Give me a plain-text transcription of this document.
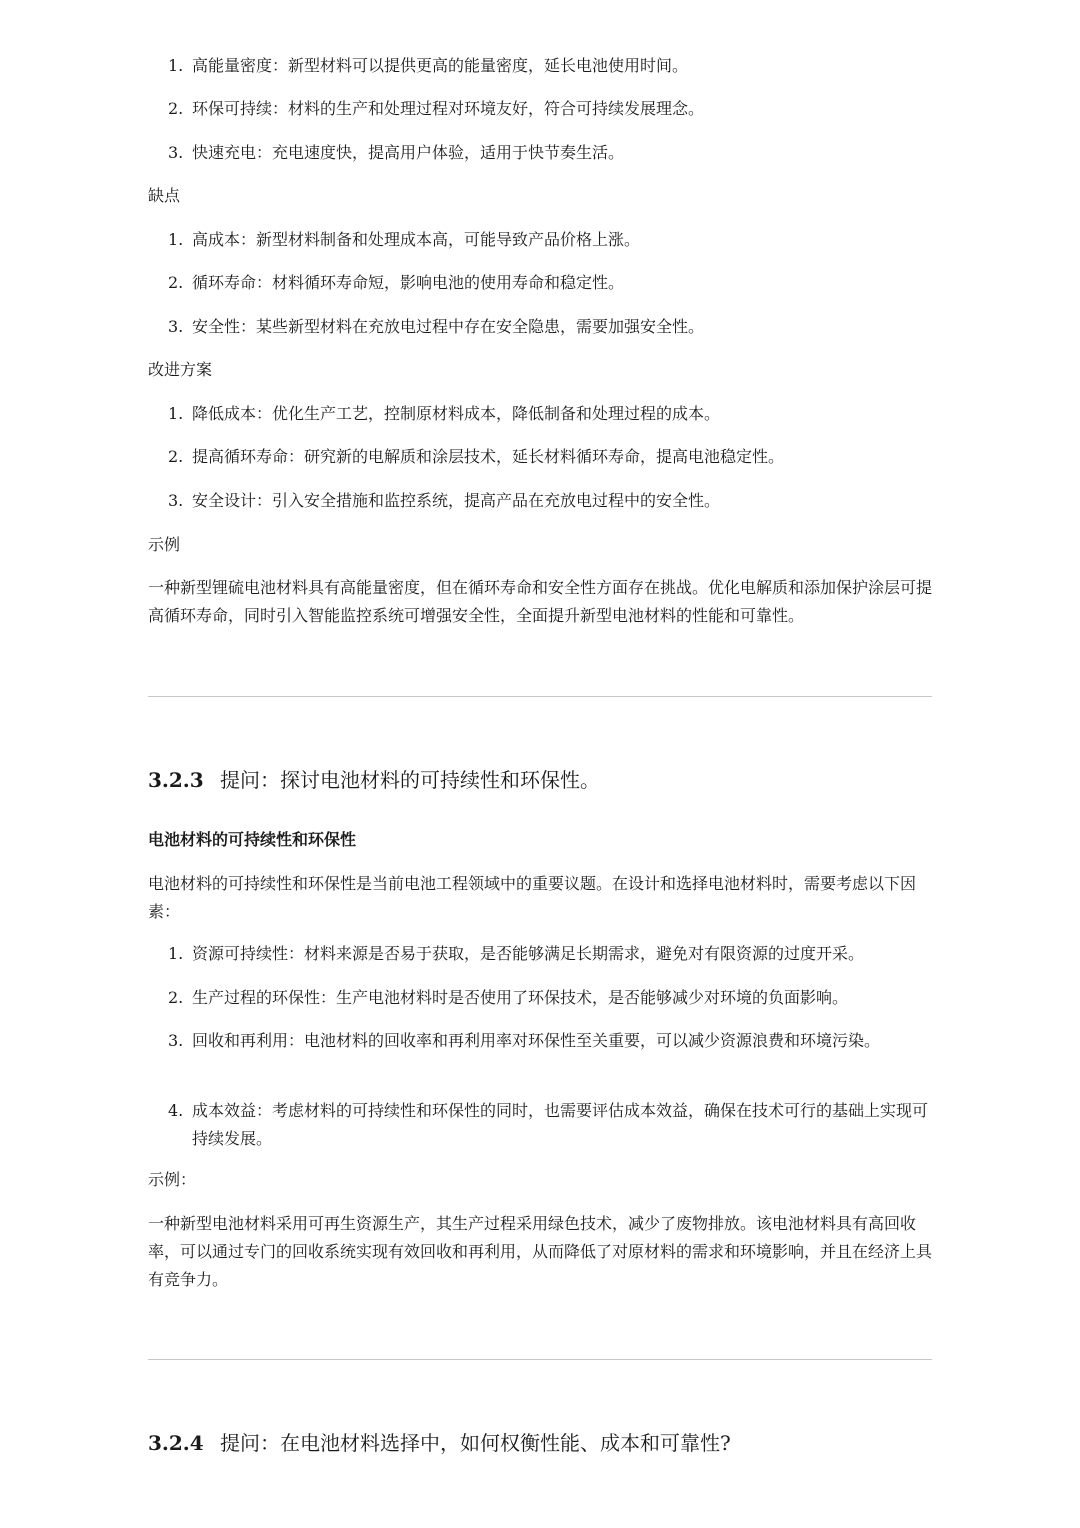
1. 高能量密度：新型材料可以提供更高的能量密度，延长电池使用时间。
2. 环保可持续：材料的生产和处理过程对环境友好，符合可持续发展理念。
3. 快速充电：充电速度快，提高用户体验，适用于快节奏生活。
缺点
1. 高成本：新型材料制备和处理成本高，可能导致产品价格上涨。
2. 循环寿命：材料循环寿命短，影响电池的使用寿命和稳定性。
3. 安全性：某些新型材料在充放电过程中存在安全隐患，需要加强安全性。
改进方案
1. 降低成本：优化生产工艺，控制原材料成本，降低制备和处理过程的成本。
2. 提高循环寿命：研究新的电解质和涂层技术，延长材料循环寿命，提高电池稳定性。
3. 安全设计：引入安全措施和监控系统，提高产品在充放电过程中的安全性。
示例
一种新型锂硫电池材料具有高能量密度，但在循环寿命和安全性方面存在挑战。优化电解质和添加保护涂层可提高循环寿命，同时引入智能监控系统可增强安全性，全面提升新型电池材料的性能和可靠性。
3.2.3 提问：探讨电池材料的可持续性和环保性。
电池材料的可持续性和环保性
电池材料的可持续性和环保性是当前电池工程领域中的重要议题。在设计和选择电池材料时，需要考虑以下因素：
1. 资源可持续性：材料来源是否易于获取，是否能够满足长期需求，避免对有限资源的过度开采。
2. 生产过程的环保性：生产电池材料时是否使用了环保技术，是否能够减少对环境的负面影响。
3. 回收和再利用：电池材料的回收率和再利用率对环保性至关重要，可以减少资源浪费和环境污染。
4. 成本效益：考虑材料的可持续性和环保性的同时，也需要评估成本效益，确保在技术可行的基础上实现可持续发展。
示例：
一种新型电池材料采用可再生资源生产，其生产过程采用绿色技术，减少了废物排放。该电池材料具有高回收率，可以通过专门的回收系统实现有效回收和再利用，从而降低了对原材料的需求和环境影响，并且在经济上具有竞争力。
3.2.4 提问：在电池材料选择中，如何权衡性能、成本和可靠性?
